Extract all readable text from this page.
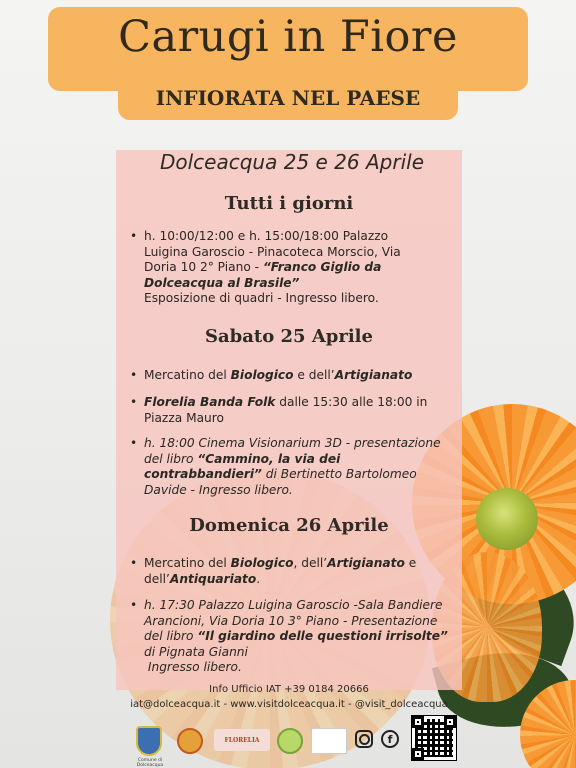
Carugi in Fiore
INFIORATA NEL PAESE
Dolceacqua 25 e 26 Aprile
Tutti i giorni
• h. 10:00/12:00 e h. 15:00/18:00 Palazzo
Luigina Garoscio - Pinacoteca Morscio, Via
Doria 10 2° Piano - “Franco Giglio da Dolceacqua al Brasile”
Esposizione di quadri - Ingresso libero.
Sabato 25 Aprile
• Mercatino del Biologico e dell’Artigianato
• Florelia Banda Folk dalle 15:30 alle 18:00 in Piazza Mauro
• h. 18:00 Cinema Visionarium 3D - presentazione del libro “Cammino, la via dei contrabbandieri” di Bertinetto Bartolomeo Davide - Ingresso libero.
Domenica 26 Aprile
• Mercatino del Biologico, dell’Artigianato e dell’Antiquariato.
• h. 17:30 Palazzo Luigina Garoscio -Sala Bandiere Arancioni, Via Doria 10 3° Piano - Presentazione del libro “Il giardino delle questioni irrisolte” di Pignata Gianni
Ingresso libero.
Info Ufficio IAT +39 0184 20666
iat@dolceacqua.it - www.visitdolceacqua.it - @visit_dolceacqua
Comune di Dolceacqua
FLORELIA	f
